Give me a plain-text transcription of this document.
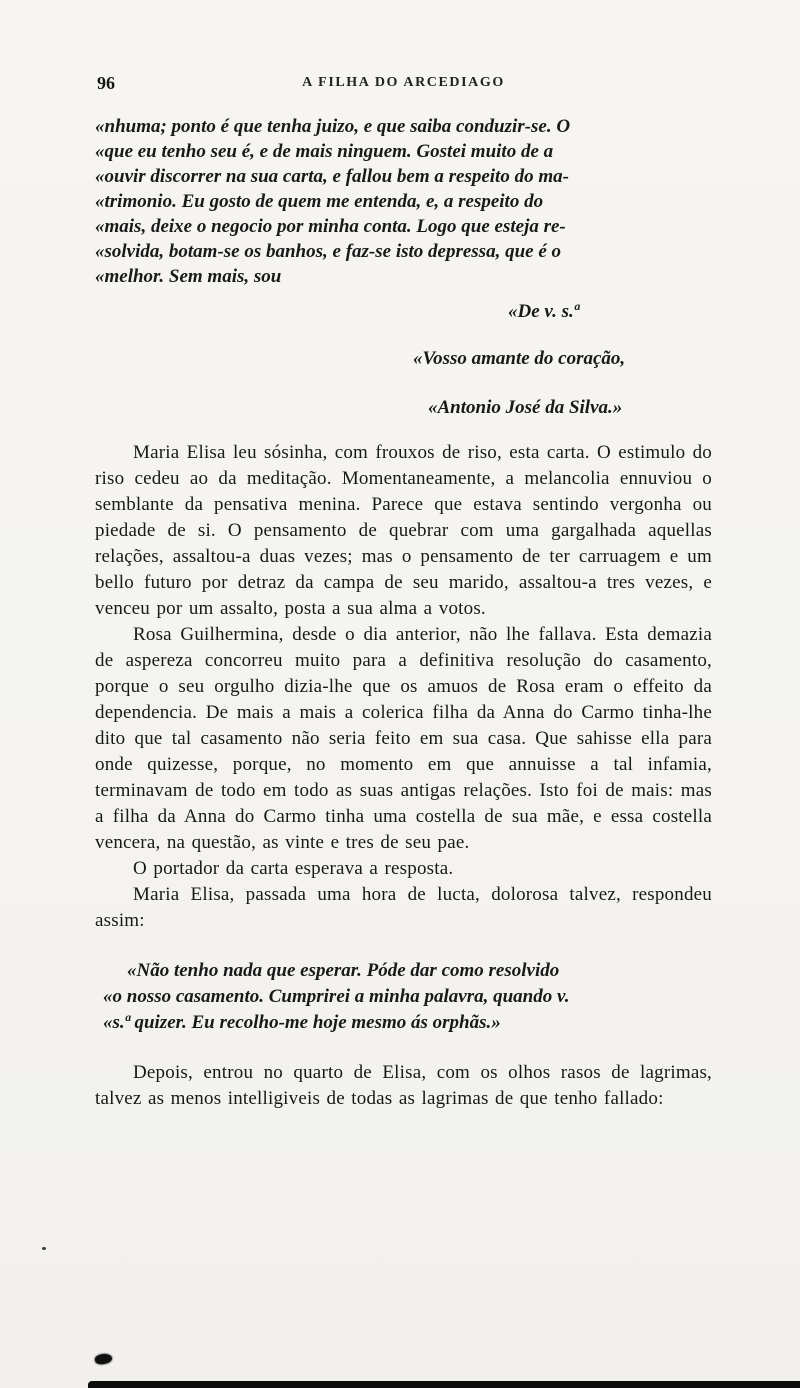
96	A FILHA DO ARCEDIAGO
«nhuma; ponto é que tenha juizo, e que saiba conduzir-se. O
«que eu tenho seu é, e de mais ninguem. Gostei muito de a
«ouvir discorrer na sua carta, e fallou bem a respeito do ma-
«trimonio. Eu gosto de quem me entenda, e, a respeito do
«mais, deixe o negocio por minha conta. Logo que esteja re-
«solvida, botam-se os banhos, e faz-se isto depressa, que é o
«melhor. Sem mais, sou
«De v. s.ª
«Vosso amante do coração,
«Antonio José da Silva.»

Maria Elisa leu sósinha, com frouxos de riso, esta carta. O estimulo do riso cedeu ao da meditação. Momentaneamente, a melancolia ennuviou o semblante da pensativa menina. Parece que estava sentindo vergonha ou piedade de si. O pensamento de quebrar com uma gargalhada aquellas relações, assaltou-a duas vezes; mas o pensamento de ter carruagem e um bello futuro por detraz da campa de seu marido, assaltou-a tres vezes, e venceu por um assalto, posta a sua alma a votos.

Rosa Guilhermina, desde o dia anterior, não lhe fallava. Esta demazia de aspereza concorreu muito para a definitiva resolução do casamento, porque o seu orgulho dizia-lhe que os amuos de Rosa eram o effeito da dependencia. De mais a mais a colerica filha da Anna do Carmo tinha-lhe dito que tal casamento não seria feito em sua casa. Que sahisse ella para onde quizesse, porque, no momento em que annuisse a tal infamia, terminavam de todo em todo as suas antigas relações. Isto foi de mais: mas a filha da Anna do Carmo tinha uma costella de sua mãe, e essa costella vencera, na questão, as vinte e tres de seu pae.

O portador da carta esperava a resposta.

Maria Elisa, passada uma hora de lucta, dolorosa talvez, respondeu assim:

«Não tenho nada que esperar. Póde dar como resolvido
«o nosso casamento. Cumprirei a minha palavra, quando v.
«s.ª quizer. Eu recolho-me hoje mesmo ás orphãs.»

Depois, entrou no quarto de Elisa, com os olhos rasos de lagrimas, talvez as menos intelligiveis de todas as lagrimas de que tenho fallado:
